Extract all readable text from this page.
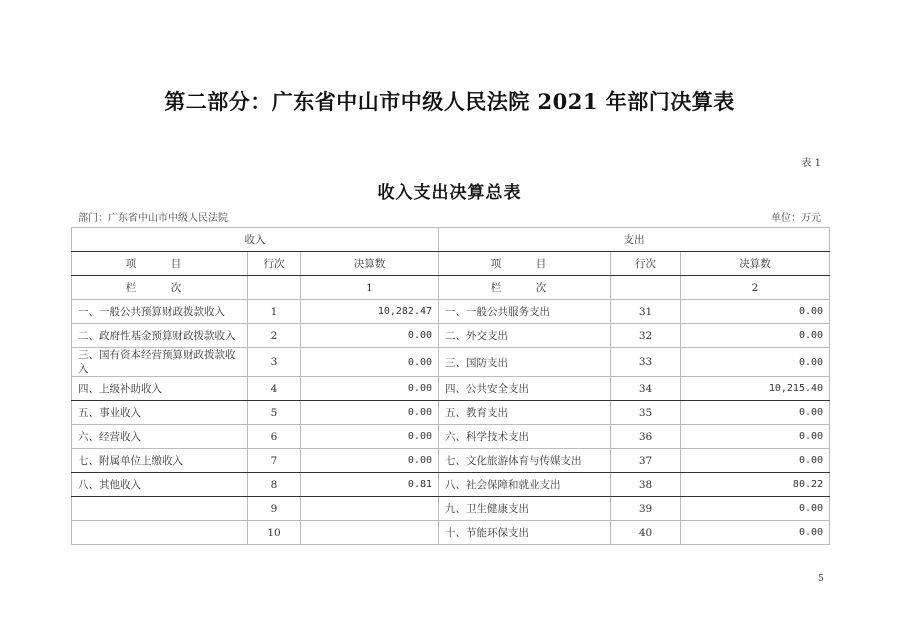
第二部分：广东省中山市中级人民法院 2021 年部门决算表
表 1
收入支出决算总表
部门：广东省中山市中级人民法院	单位：万元
收入			支出		
项　目	行次	决算数	项　目	行次	决算数
栏　次		1	栏　次		2
一、一般公共预算财政拨款收入	1	10,282.47	一、一般公共服务支出	31	0.00
二、政府性基金预算财政拨款收入	2	0.00	二、外交支出	32	0.00
三、国有资本经营预算财政拨款收入	3	0.00	三、国防支出	33	0.00
四、上级补助收入	4	0.00	四、公共安全支出	34	10,215.40
五、事业收入	5	0.00	五、教育支出	35	0.00
六、经营收入	6	0.00	六、科学技术支出	36	0.00
七、附属单位上缴收入	7	0.00	七、文化旅游体育与传媒支出	37	0.00
八、其他收入	8	0.81	八、社会保障和就业支出	38	80.22
	9		九、卫生健康支出	39	0.00
	10		十、节能环保支出	40	0.00
5
